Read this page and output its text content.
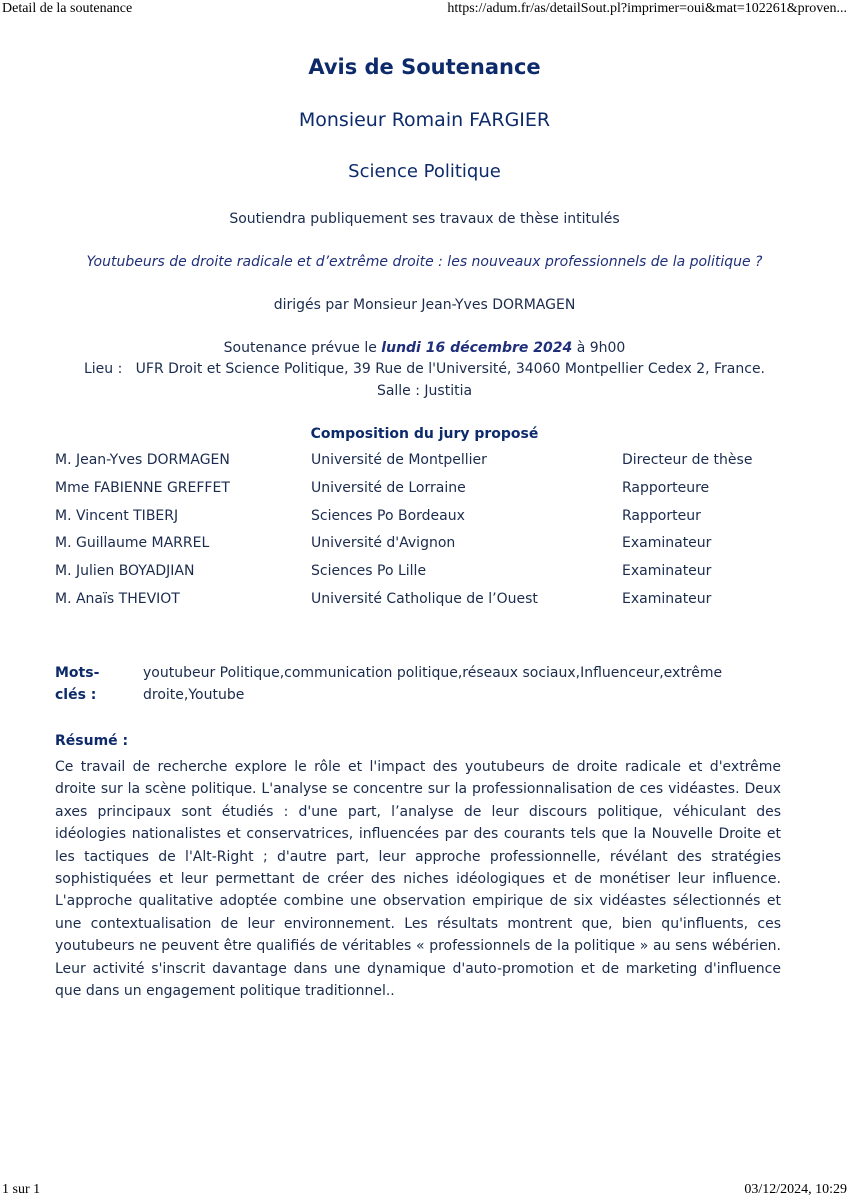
Detail de la soutenance	https://adum.fr/as/detailSout.pl?imprimer=oui&mat=102261&proven...
Avis de Soutenance
Monsieur Romain FARGIER
Science Politique
Soutiendra publiquement ses travaux de thèse intitulés
Youtubeurs de droite radicale et d’extrême droite : les nouveaux professionnels de la politique ?
dirigés par Monsieur Jean-Yves DORMAGEN
Soutenance prévue le lundi 16 décembre 2024 à 9h00
Lieu :   UFR Droit et Science Politique, 39 Rue de l'Université, 34060 Montpellier Cedex 2, France.
Salle : Justitia
Composition du jury proposé
M. Jean-Yves DORMAGEN	Université de Montpellier	Directeur de thèse
Mme FABIENNE GREFFET	Université de Lorraine	Rapporteure
M. Vincent TIBERJ	Sciences Po Bordeaux	Rapporteur
M. Guillaume MARREL	Université d'Avignon	Examinateur
M. Julien BOYADJIAN	Sciences Po Lille	Examinateur
M. Anaïs THEVIOT	Université Catholique de l’Ouest	Examinateur
Mots-clés :
youtubeur Politique,communication politique,réseaux sociaux,Influenceur,extrême droite,Youtube
Résumé :
Ce travail de recherche explore le rôle et l'impact des youtubeurs de droite radicale et d'extrême droite sur la scène politique. L'analyse se concentre sur la professionnalisation de ces vidéastes. Deux axes principaux sont étudiés : d'une part, l’analyse de leur discours politique, véhiculant des idéologies nationalistes et conservatrices, influencées par des courants tels que la Nouvelle Droite et les tactiques de l'Alt-Right ; d'autre part, leur approche professionnelle, révélant des stratégies sophistiquées et leur permettant de créer des niches idéologiques et de monétiser leur influence. L'approche qualitative adoptée combine une observation empirique de six vidéastes sélectionnés et une contextualisation de leur environnement. Les résultats montrent que, bien qu'influents, ces youtubeurs ne peuvent être qualifiés de véritables « professionnels de la politique » au sens wébérien. Leur activité s'inscrit davantage dans une dynamique d'auto-promotion et de marketing d'influence que dans un engagement politique traditionnel..
1 sur 1	03/12/2024, 10:29
